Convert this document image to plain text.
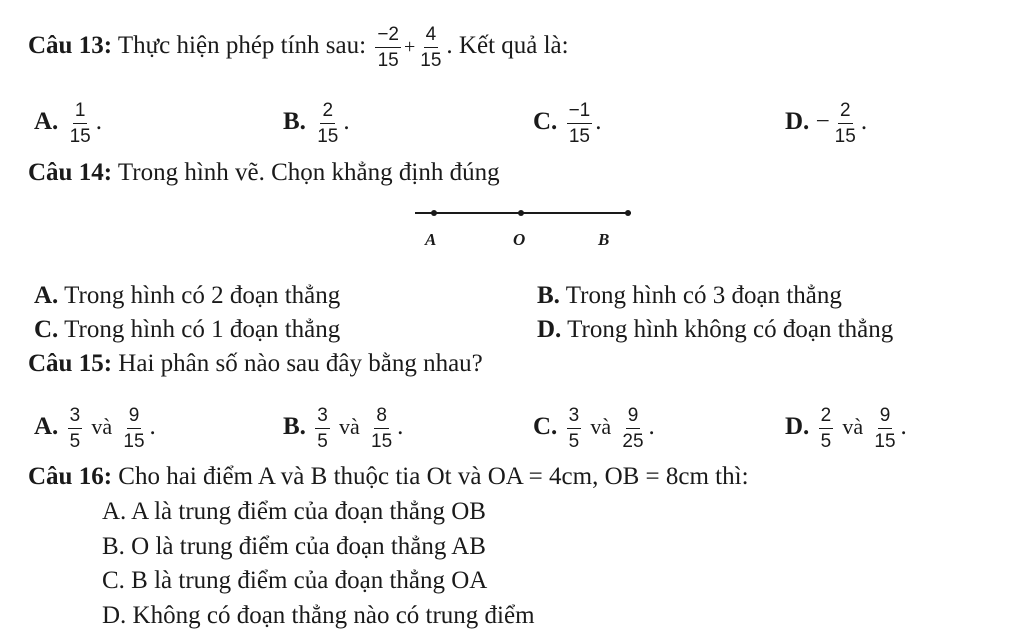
Câu 13: Thực hiện phép tính sau: $\frac{-2}{15} + \frac{4}{15}$ . Kết quả là:
A. $\frac{1}{15}$ .	B. $\frac{2}{15}$ .	C. $\frac{-1}{15}$ .	D. − $\frac{2}{15}$ .
Câu 14: Trong hình vẽ. Chọn khẳng định đúng
A	O	B
A. Trong hình có 2 đoạn thẳng	B. Trong hình có 3 đoạn thẳng
C. Trong hình có 1 đoạn thẳng	D. Trong hình không có đoạn thẳng
Câu 15: Hai phân số nào sau đây bằng nhau?
A. $\frac{3}{5}$ và $\frac{9}{15}$ .	B. $\frac{3}{5}$ và $\frac{8}{15}$ .	C. $\frac{3}{5}$ và $\frac{9}{25}$ .	D. $\frac{2}{5}$ và $\frac{9}{15}$ .
Câu 16: Cho hai điểm A và B thuộc tia Ot và OA = 4cm, OB = 8cm thì:
A. A là trung điểm của đoạn thẳng OB
B. O là trung điểm của đoạn thẳng AB
C. B là trung điểm của đoạn thẳng OA
D. Không có đoạn thẳng nào có trung điểm
